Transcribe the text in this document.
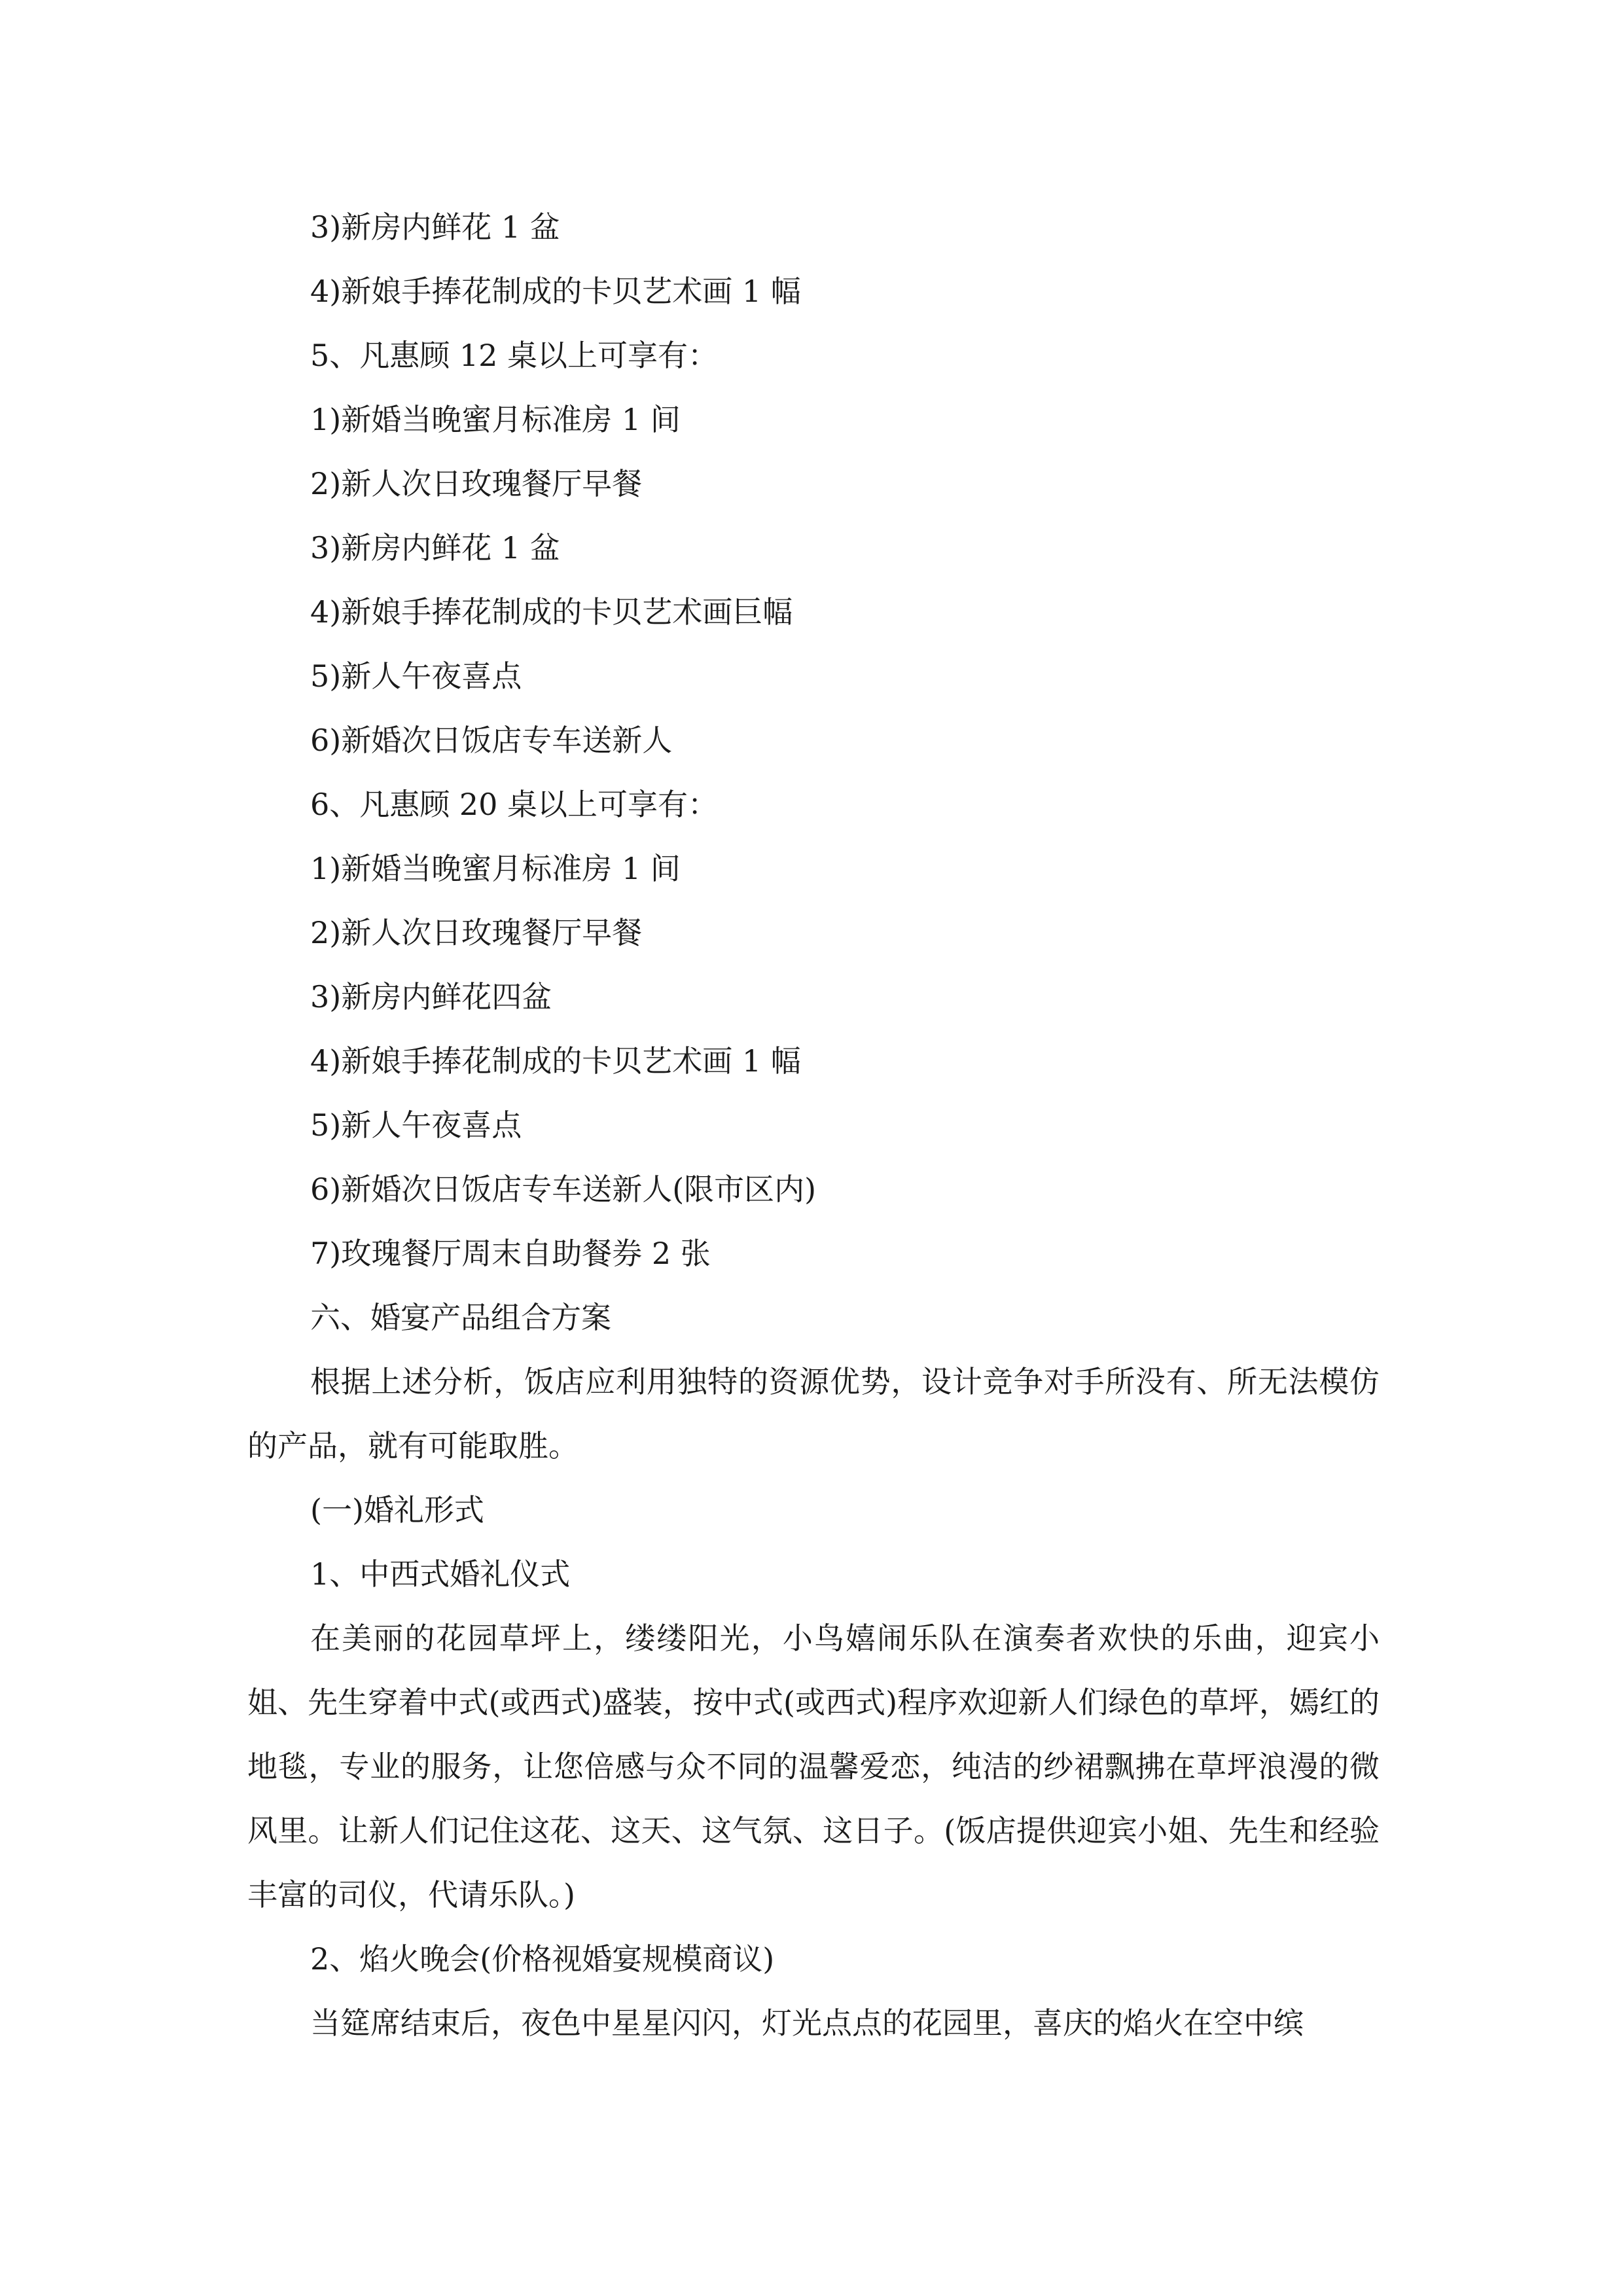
3)新房内鲜花 1 盆

4)新娘手捧花制成的卡贝艺术画 1 幅

5、凡惠顾 12 桌以上可享有：

1)新婚当晚蜜月标准房 1 间

2)新人次日玫瑰餐厅早餐

3)新房内鲜花 1 盆

4)新娘手捧花制成的卡贝艺术画巨幅

5)新人午夜喜点

6)新婚次日饭店专车送新人

6、凡惠顾 20 桌以上可享有：

1)新婚当晚蜜月标准房 1 间

2)新人次日玫瑰餐厅早餐

3)新房内鲜花四盆

4)新娘手捧花制成的卡贝艺术画 1 幅

5)新人午夜喜点

6)新婚次日饭店专车送新人(限市区内)

7)玫瑰餐厅周末自助餐券 2 张

六、婚宴产品组合方案

根据上述分析，饭店应利用独特的资源优势，设计竞争对手所没有、所无法模仿的产品，就有可能取胜。

(一)婚礼形式

1、中西式婚礼仪式

在美丽的花园草坪上，缕缕阳光，小鸟嬉闹乐队在演奏者欢快的乐曲，迎宾小姐、先生穿着中式(或西式)盛装，按中式(或西式)程序欢迎新人们绿色的草坪，嫣红的地毯，专业的服务，让您倍感与众不同的温馨爱恋，纯洁的纱裙飘拂在草坪浪漫的微风里。让新人们记住这花、这天、这气氛、这日子。(饭店提供迎宾小姐、先生和经验丰富的司仪，代请乐队。)

2、焰火晚会(价格视婚宴规模商议)

当筵席结束后，夜色中星星闪闪，灯光点点的花园里，喜庆的焰火在空中缤
